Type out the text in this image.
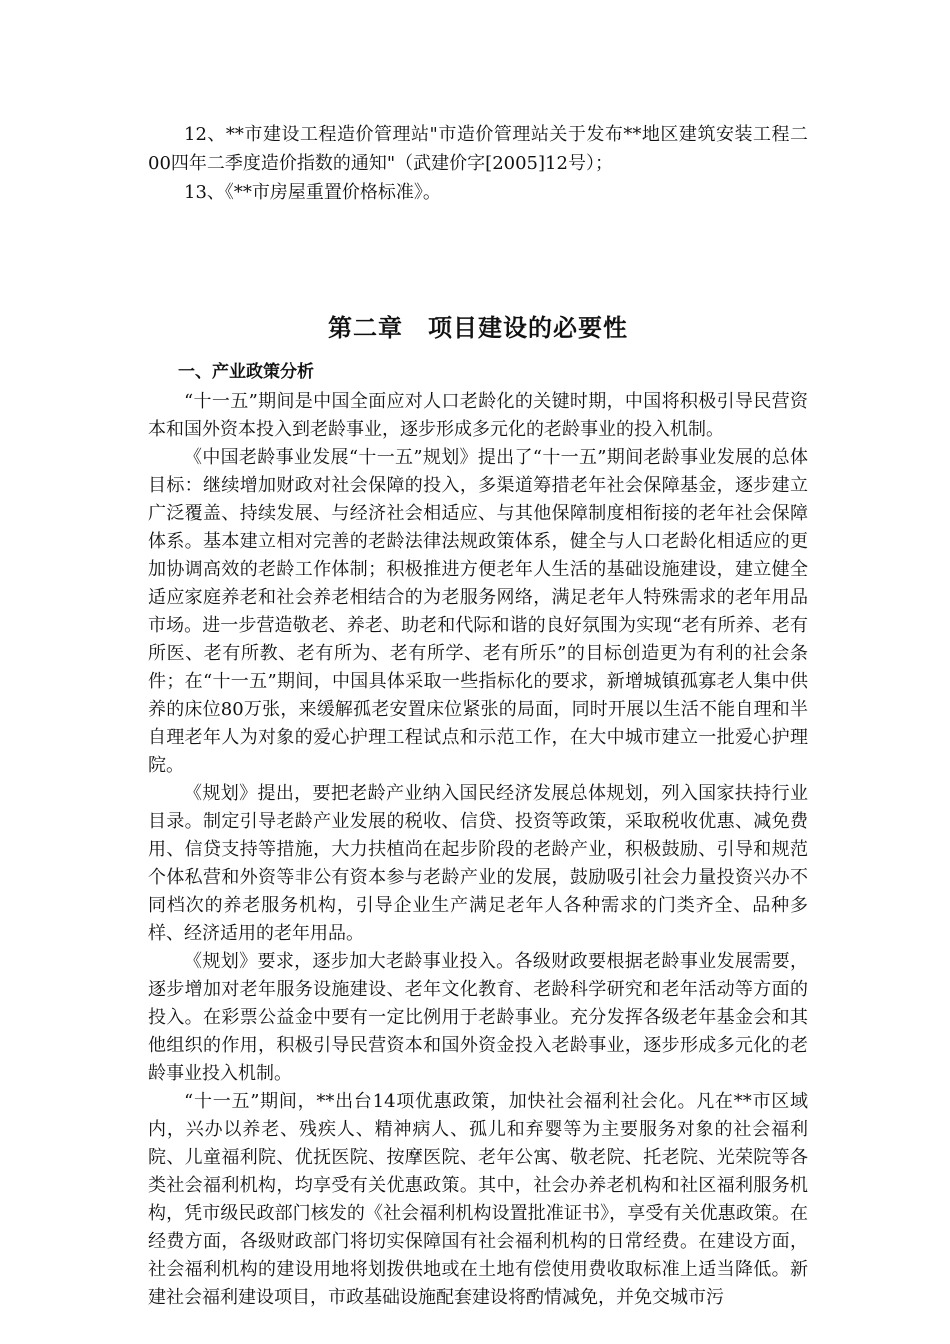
12、**市建设工程造价管理站"市造价管理站关于发布**地区建筑安装工程二00四年二季度造价指数的通知"（武建价字[2005]12号）；

13、《**市房屋重置价格标准》。

第二章　项目建设的必要性
一、产业政策分析

“十一五”期间是中国全面应对人口老龄化的关键时期，中国将积极引导民营资本和国外资本投入到老龄事业，逐步形成多元化的老龄事业的投入机制。

《中国老龄事业发展“十一五”规划》提出了“十一五”期间老龄事业发展的总体目标：继续增加财政对社会保障的投入，多渠道筹措老年社会保障基金，逐步建立广泛覆盖、持续发展、与经济社会相适应、与其他保障制度相衔接的老年社会保障体系。基本建立相对完善的老龄法律法规政策体系，健全与人口老龄化相适应的更加协调高效的老龄工作体制；积极推进方便老年人生活的基础设施建设，建立健全适应家庭养老和社会养老相结合的为老服务网络，满足老年人特殊需求的老年用品市场。进一步营造敬老、养老、助老和代际和谐的良好氛围为实现“老有所养、老有所医、老有所教、老有所为、老有所学、老有所乐”的目标创造更为有利的社会条件；在“十一五”期间，中国具体采取一些指标化的要求，新增城镇孤寡老人集中供养的床位80万张，来缓解孤老安置床位紧张的局面，同时开展以生活不能自理和半自理老年人为对象的爱心护理工程试点和示范工作，在大中城市建立一批爱心护理院。

《规划》提出，要把老龄产业纳入国民经济发展总体规划，列入国家扶持行业目录。制定引导老龄产业发展的税收、信贷、投资等政策，采取税收优惠、减免费用、信贷支持等措施，大力扶植尚在起步阶段的老龄产业，积极鼓励、引导和规范个体私营和外资等非公有资本参与老龄产业的发展，鼓励吸引社会力量投资兴办不同档次的养老服务机构，引导企业生产满足老年人各种需求的门类齐全、品种多样、经济适用的老年用品。

《规划》要求，逐步加大老龄事业投入。各级财政要根据老龄事业发展需要，逐步增加对老年服务设施建设、老年文化教育、老龄科学研究和老年活动等方面的投入。在彩票公益金中要有一定比例用于老龄事业。充分发挥各级老年基金会和其他组织的作用，积极引导民营资本和国外资金投入老龄事业，逐步形成多元化的老龄事业投入机制。

“十一五”期间，**出台14项优惠政策，加快社会福利社会化。凡在**市区域内，兴办以养老、残疾人、精神病人、孤儿和弃婴等为主要服务对象的社会福利院、儿童福利院、优抚医院、按摩医院、老年公寓、敬老院、托老院、光荣院等各类社会福利机构，均享受有关优惠政策。其中，社会办养老机构和社区福利服务机构，凭市级民政部门核发的《社会福利机构设置批准证书》，享受有关优惠政策。在经费方面，各级财政部门将切实保障国有社会福利机构的日常经费。在建设方面，社会福利机构的建设用地将划拨供地或在土地有偿使用费收取标准上适当降低。新建社会福利建设项目，市政基础设施配套建设将酌情减免，并免交城市污
